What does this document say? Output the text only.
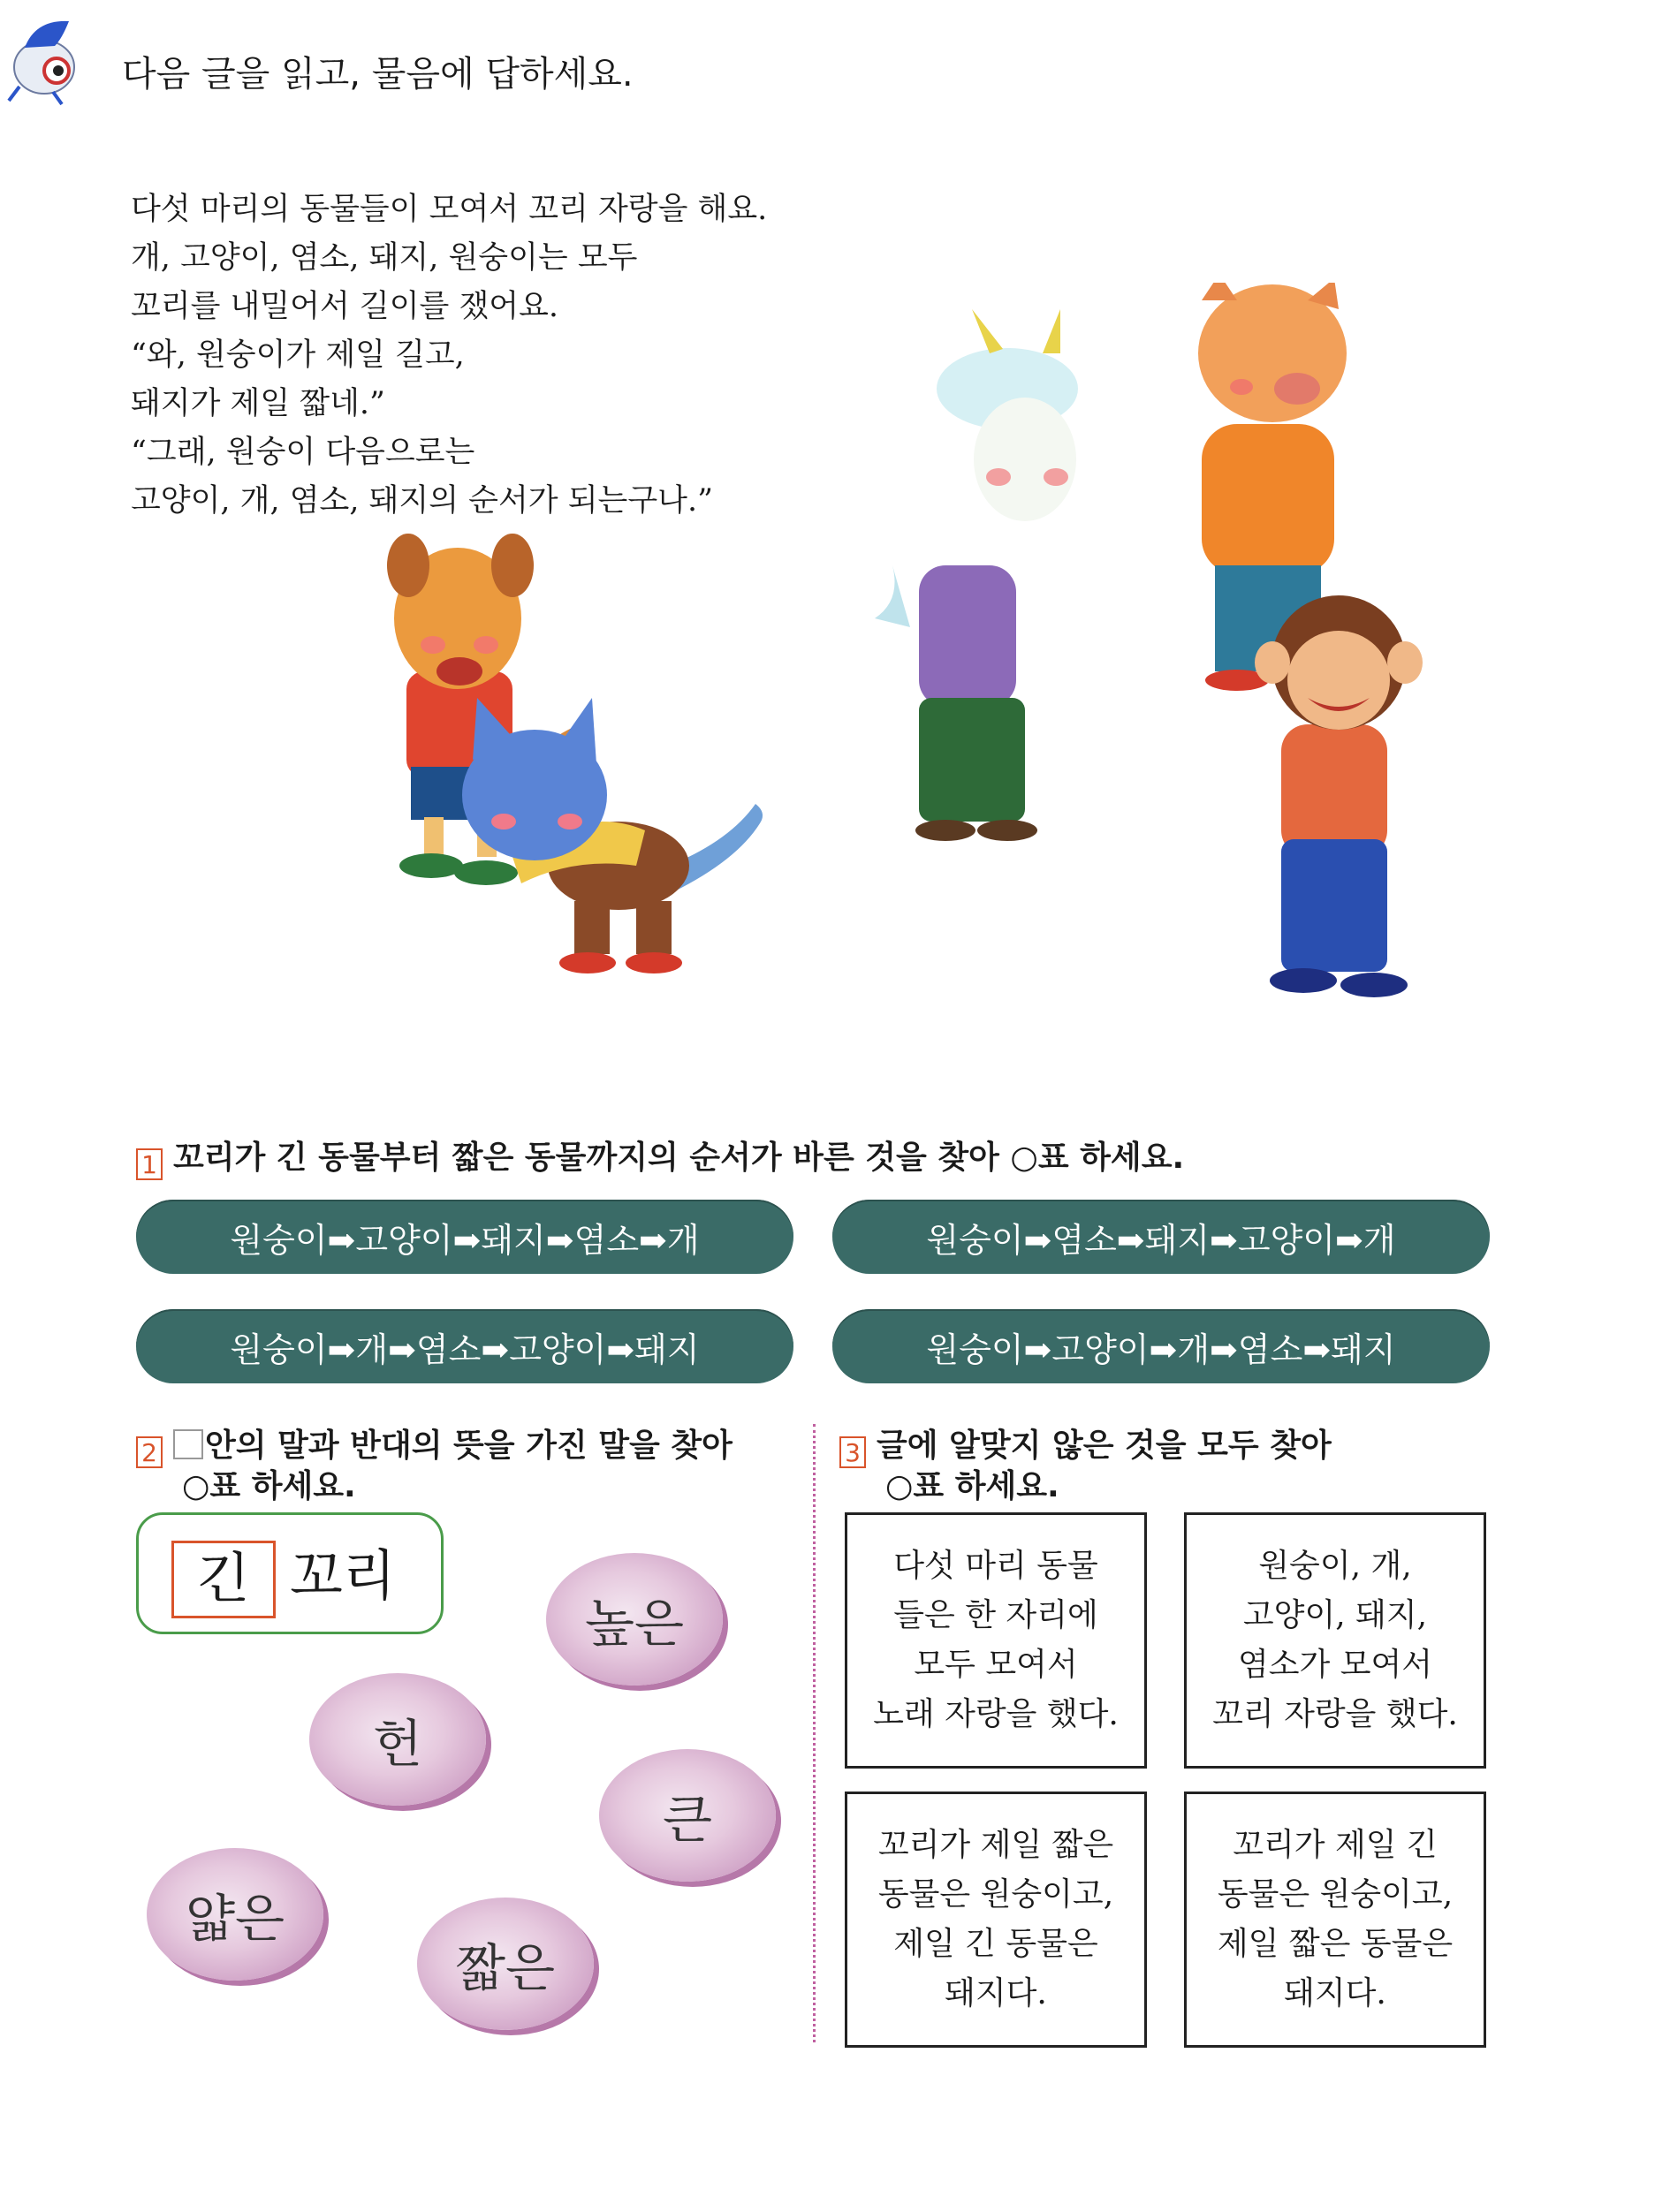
다음 글을 읽고, 물음에 답하세요.
다섯 마리의 동물들이 모여서 꼬리 자랑을 해요.
개, 고양이, 염소, 돼지, 원숭이는 모두
꼬리를 내밀어서 길이를 쟀어요.
“와, 원숭이가 제일 길고,
돼지가 제일 짧네.”
“그래, 원숭이 다음으로는
고양이, 개, 염소, 돼지의 순서가 되는구나.”
1 꼬리가 긴 동물부터 짧은 동물까지의 순서가 바른 것을 찾아 ○표 하세요.
원숭이➡고양이➡돼지➡염소➡개	원숭이➡염소➡돼지➡고양이➡개
원숭이➡개➡염소➡고양이➡돼지	원숭이➡고양이➡개➡염소➡돼지
2 안의 말과 반대의 뜻을 가진 말을 찾아
○표 하세요.
긴 꼬리
높은
헌
큰
얇은
짧은
3 글에 알맞지 않은 것을 모두 찾아
○표 하세요.
다섯 마리 동물
들은 한 자리에
모두 모여서
노래 자랑을 했다.
원숭이, 개,
고양이, 돼지,
염소가 모여서
꼬리 자랑을 했다.
꼬리가 제일 짧은
동물은 원숭이고,
제일 긴 동물은
돼지다.
꼬리가 제일 긴
동물은 원숭이고,
제일 짧은 동물은
돼지다.
